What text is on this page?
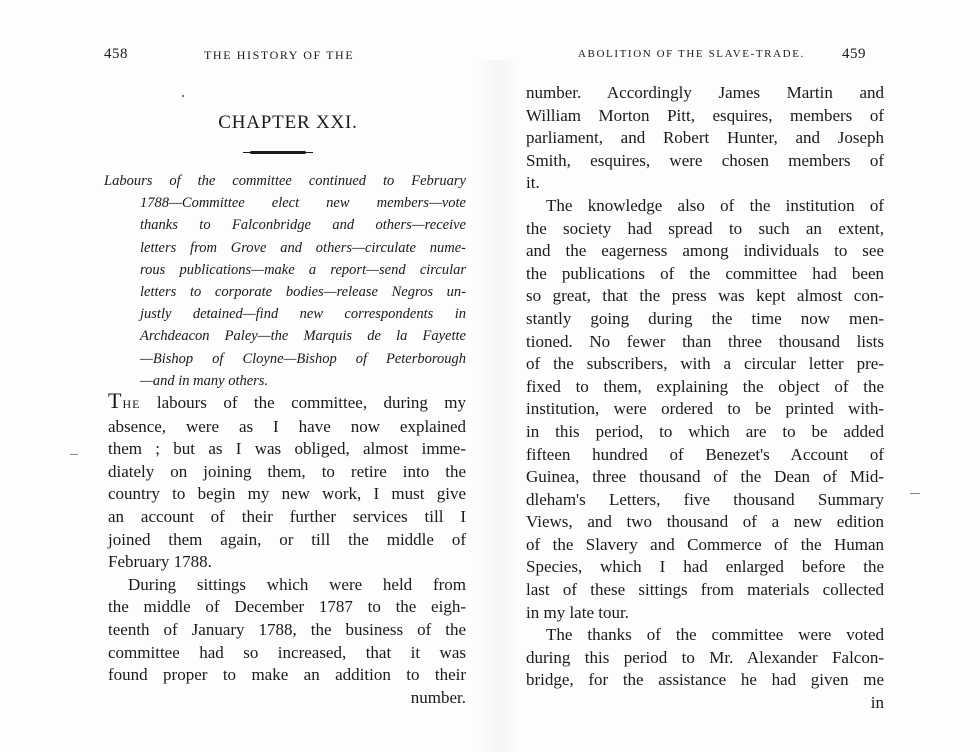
458	THE HISTORY OF THE
CHAPTER XXI.
Labours of the committee continued to February
1788—Committee elect new members—vote
thanks to Falconbridge and others—receive
letters from Grove and others—circulate nume-
rous publications—make a report—send circular
letters to corporate bodies—release Negros un-
justly detained—find new correspondents in
Archdeacon Paley—the Marquis de la Fayette
—Bishop of Cloyne—Bishop of Peterborough
—and in many others.
THE labours of the committee, during my
absence, were as I have now explained
them ; but as I was obliged, almost imme-
diately on joining them, to retire into the
country to begin my new work, I must give
an account of their further services till I
joined them again, or till the middle of
February 1788.
During sittings which were held from
the middle of December 1787 to the eigh-
teenth of January 1788, the business of the
committee had so increased, that it was
found proper to make an addition to their
number.
ABOLITION OF THE SLAVE-TRADE. 459
number. Accordingly James Martin and
William Morton Pitt, esquires, members of
parliament, and Robert Hunter, and Joseph
Smith, esquires, were chosen members of
it.
The knowledge also of the institution of
the society had spread to such an extent,
and the eagerness among individuals to see
the publications of the committee had been
so great, that the press was kept almost con-
stantly going during the time now men-
tioned. No fewer than three thousand lists
of the subscribers, with a circular letter pre-
fixed to them, explaining the object of the
institution, were ordered to be printed with-
in this period, to which are to be added
fifteen hundred of Benezet's Account of
Guinea, three thousand of the Dean of Mid-
dleham's Letters, five thousand Summary
Views, and two thousand of a new edition
of the Slavery and Commerce of the Human
Species, which I had enlarged before the
last of these sittings from materials collected
in my late tour.
The thanks of the committee were voted
during this period to Mr. Alexander Falcon-
bridge, for the assistance he had given me
in
